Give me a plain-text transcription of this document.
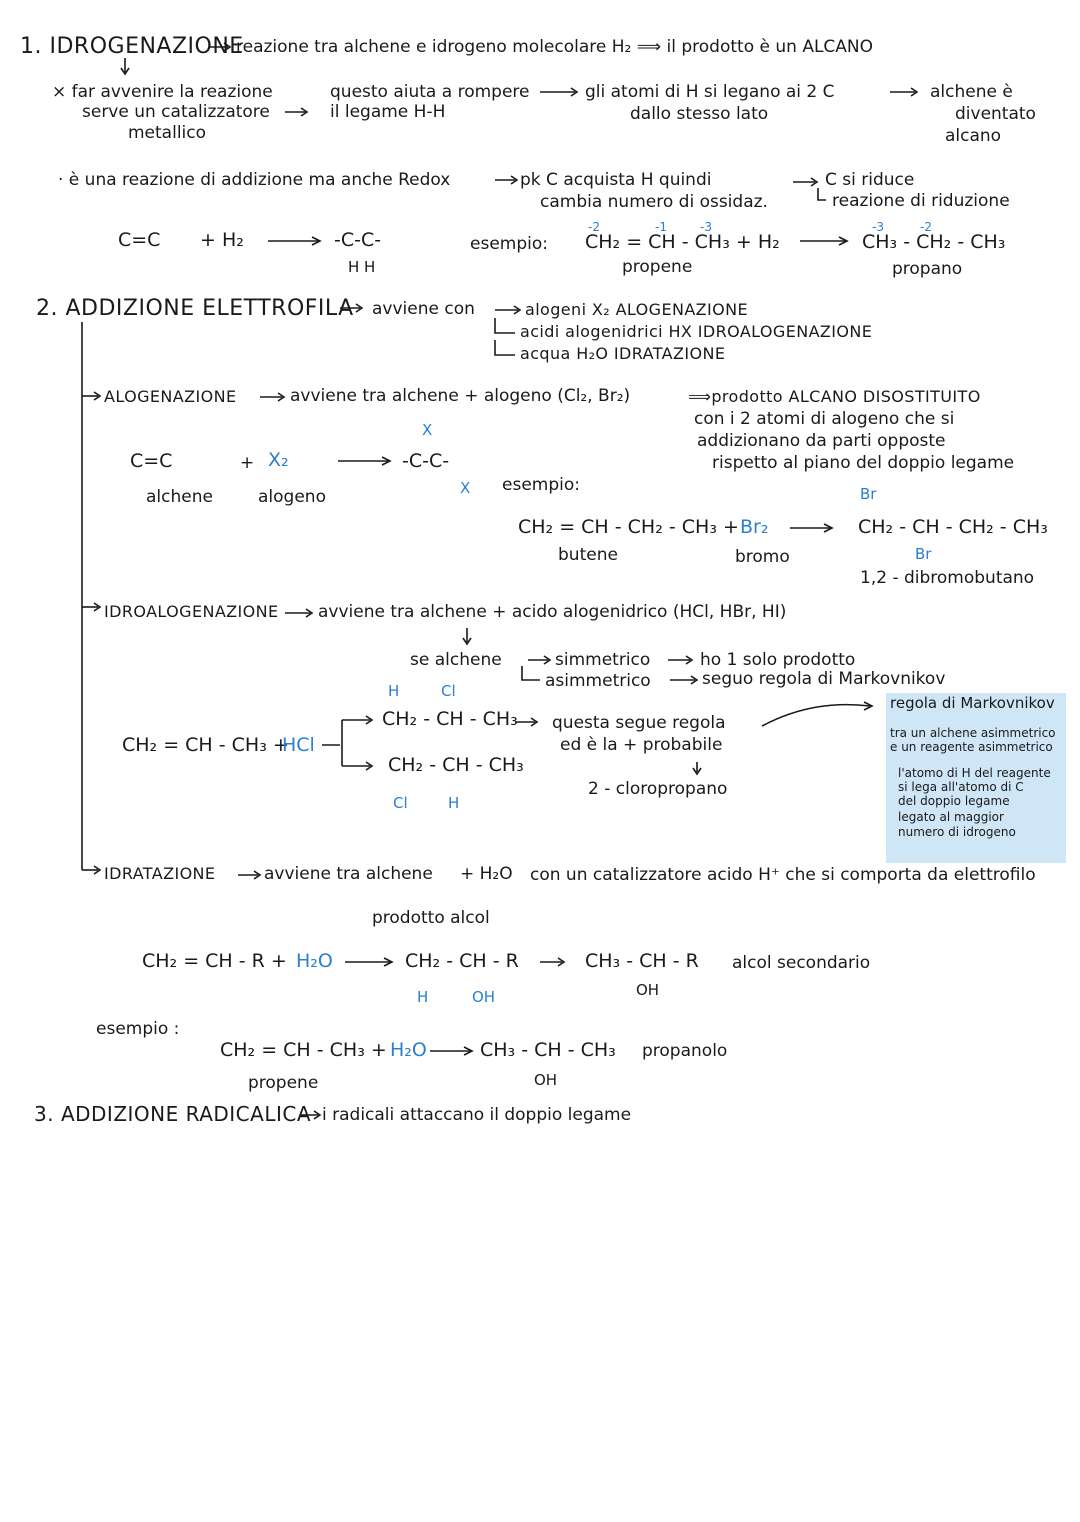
1. IDROGENAZIONE
reazione tra alchene e idrogeno molecolare H₂ ⟹ il prodotto è un ALCANO
× far avvenire la reazione
serve un catalizzatore
metallico
questo aiuta a rompere
il legame H-H
gli atomi di H si legano ai 2 C
dallo stesso lato
alchene è
diventato
alcano
· è una reazione di addizione ma anche Redox	pk C acquista H quindi
cambia numero di ossidaz.
C si riduce
reazione di riduzione
C=C + H₂	-C-C-
H H
esempio:
-2	-1	-3
CH₂ = CH - CH₃ + H₂
propene
-3	-2
CH₃ - CH₂ - CH₃
propano
2. ADDIZIONE ELETTROFILA avviene con	alogeni X₂ ALOGENAZIONE
acidi alogenidrici HX IDROALOGENAZIONE
acqua H₂O IDRATAZIONE
ALOGENAZIONE	avviene tra alchene + alogeno (Cl₂, Br₂)	⟹prodotto ALCANO DISOSTITUITO
con i 2 atomi di alogeno che si
addizionano da parti opposte
rispetto al piano del doppio legame
C=C	+ X₂
alchene	alogeno
-C-C-
X
X esempio:
CH₂ = CH - CH₂ - CH₃ + Br₂
butene	bromo
Br
CH₂ - CH - CH₂ - CH₃
Br
1,2 - dibromobutano
IDROALOGENAZIONE avviene tra alchene + acido alogenidrico (HCl, HBr, HI)
se alchene	simmetrico	ho 1 solo prodotto
asimmetrico	seguo regola di Markovnikov
CH₂ = CH - CH₃ +
HCl
H	Cl
CH₂ - CH - CH₃ questa segue regola
ed è la + probabile
CH₂ - CH - CH₃
Cl	H
2 - cloropropano
regola di Markovnikov
tra un alchene asimmetrico
e un reagente asimmetrico
l'atomo di H del reagente
si lega all'atomo di C
del doppio legame
legato al maggior
numero di idrogeno
IDRATAZIONE	avviene tra alchene + H₂O con un catalizzatore acido H⁺ che si comporta da elettrofilo
prodotto alcol
CH₂ = CH - R + H₂O	CH₂ - CH - R
H	OH
CH₃ - CH - R
OH
alcol secondario
esempio :
CH₂ = CH - CH₃ + H₂O	CH₃ - CH - CH₃ propanolo
propene	OH
3. ADDIZIONE RADICALICA i radicali attaccano il doppio legame
